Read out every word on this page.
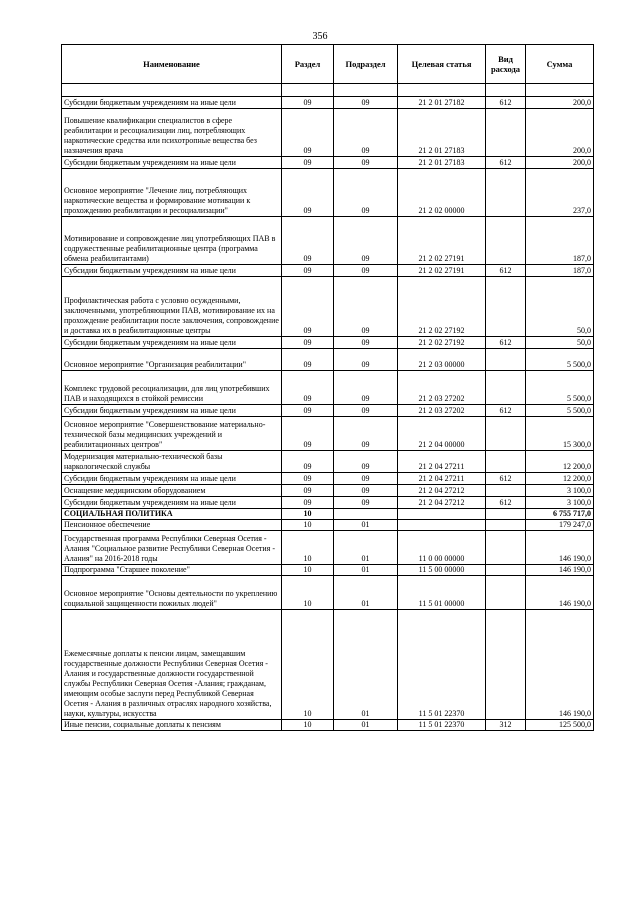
356
Наименование	Раздел	Подраздел	Целевая статья	Вид расхода	Сумма

Субсидии бюджетным учреждениям на иные цели	09	09	21 2 01 27182	612	200,0
Повышение квалификации специалистов в сфере реабилитации и ресоциализации лиц, потребляющих наркотические средства или психотропные вещества без назначения врача	09	09	21 2 01 27183		200,0
Субсидии бюджетным учреждениям на иные цели	09	09	21 2 01 27183	612	200,0
Основное мероприятие "Лечение лиц, потребляющих наркотические вещества и формирование мотивации к прохождению реабилитации и ресоциализации"	09	09	21 2 02 00000		237,0
Мотивирование и сопровождение лиц употребляющих ПАВ в содружественные реабилитационные центра (программа обмена реабилитантами)	09	09	21 2 02 27191		187,0
Субсидии бюджетным учреждениям на иные цели	09	09	21 2 02 27191	612	187,0
Профилактическая работа с условно осужденными, заключенными, употребляющими ПАВ, мотивирование их на прохождение реабилитации после заключения, сопровождение и доставка их в реабилитационные центры	09	09	21 2 02 27192		50,0
Субсидии бюджетным учреждениям на иные цели	09	09	21 2 02 27192	612	50,0
Основное мероприятие "Организация реабилитации"	09	09	21 2 03 00000		5 500,0
Комплекс трудовой ресоциализации, для лиц употребивших ПАВ и находящихся в стойкой ремиссии	09	09	21 2 03 27202		5 500,0
Субсидии бюджетным учреждениям на иные цели	09	09	21 2 03 27202	612	5 500,0
Основное мероприятие "Совершенствование материально-технической базы медицинских учреждений и реабилитационных центров"	09	09	21 2 04 00000		15 300,0
Модернизация материально-технической базы наркологической службы	09	09	21 2 04 27211		12 200,0
Субсидии бюджетным учреждениям на иные цели	09	09	21 2 04 27211	612	12 200,0
Оснащение медицинским оборудованием	09	09	21 2 04 27212		3 100,0
Субсидии бюджетным учреждениям на иные цели	09	09	21 2 04 27212	612	3 100,0
СОЦИАЛЬНАЯ ПОЛИТИКА	10				6 755 717,0
Пенсионное обеспечение	10	01			179 247,0
Государственная программа Республики Северная Осетия - Алания "Социальное развитие Республики Северная Осетия - Алания" на 2016-2018 годы	10	01	11 0 00 00000		146 190,0
Подпрограмма "Старшее поколение"	10	01	11 5 00 00000		146 190,0
Основное мероприятие "Основы деятельности по укреплению социальной защищенности пожилых людей"	10	01	11 5 01 00000		146 190,0
Ежемесячные доплаты к пенсии лицам, замещавшим государственные должности Республики Северная Осетия - Алания и государственные должности государственной службы Республики Северная Осетия -Алания; гражданам, имеющим особые заслуги перед Республикой Северная Осетия - Алания в различных отраслях народного хозяйства, науки, культуры, искусства	10	01	11 5 01 22370		146 190,0
Иные пенсии, социальные доплаты к пенсиям	10	01	11 5 01 22370	312	125 500,0
